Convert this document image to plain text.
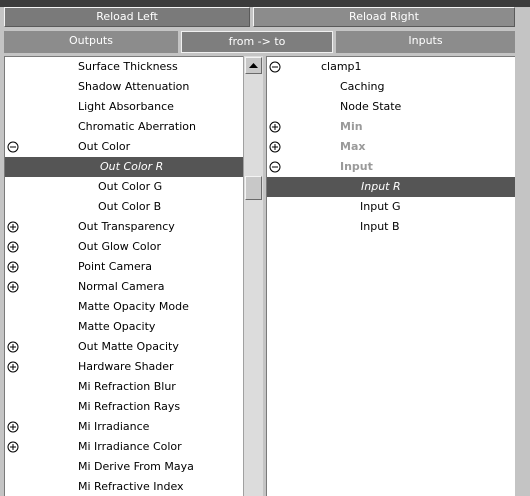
Reload Left	Reload Right
Outputs	from -> to	Inputs
Surface Thickness
Shadow Attenuation
Light Absorbance
Chromatic Aberration
Out Color
Out Color R
Out Color G
Out Color B
Out Transparency
Out Glow Color
Point Camera
Normal Camera
Matte Opacity Mode
Matte Opacity
Out Matte Opacity
Hardware Shader
Mi Refraction Blur
Mi Refraction Rays
Mi Irradiance
Mi Irradiance Color
Mi Derive From Maya
Mi Refractive Index
clamp1
Caching
Node State
Min
Max
Input
Input R
Input G
Input B
